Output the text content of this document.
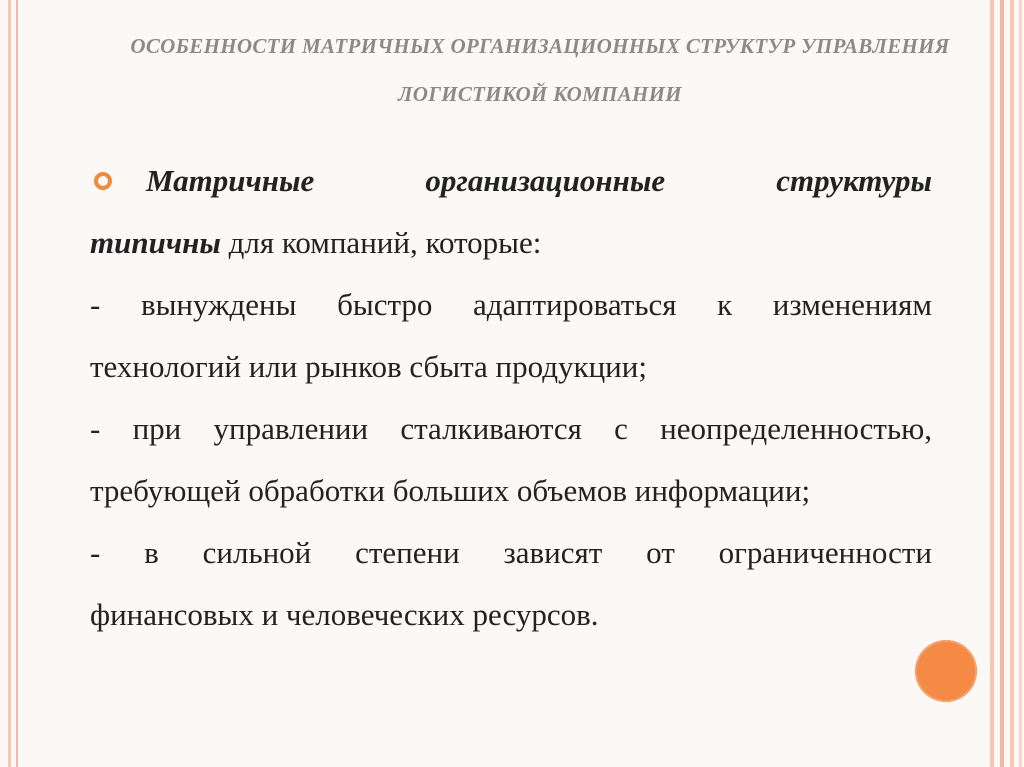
ОСОБЕННОСТИ МАТРИЧНЫХ ОРГАНИЗАЦИОННЫХ СТРУКТУР УПРАВЛЕНИЯ
ЛОГИСТИКОЙ КОМПАНИИ
Матричные	организационные	структуры
типичны для компаний, которые:
- вынуждены быстро адаптироваться к изменениям
технологий или рынков сбыта продукции;
- при управлении сталкиваются с неопределенностью,
требующей обработки больших объемов информации;
- в сильной степени зависят от ограниченности
финансовых и человеческих ресурсов.
